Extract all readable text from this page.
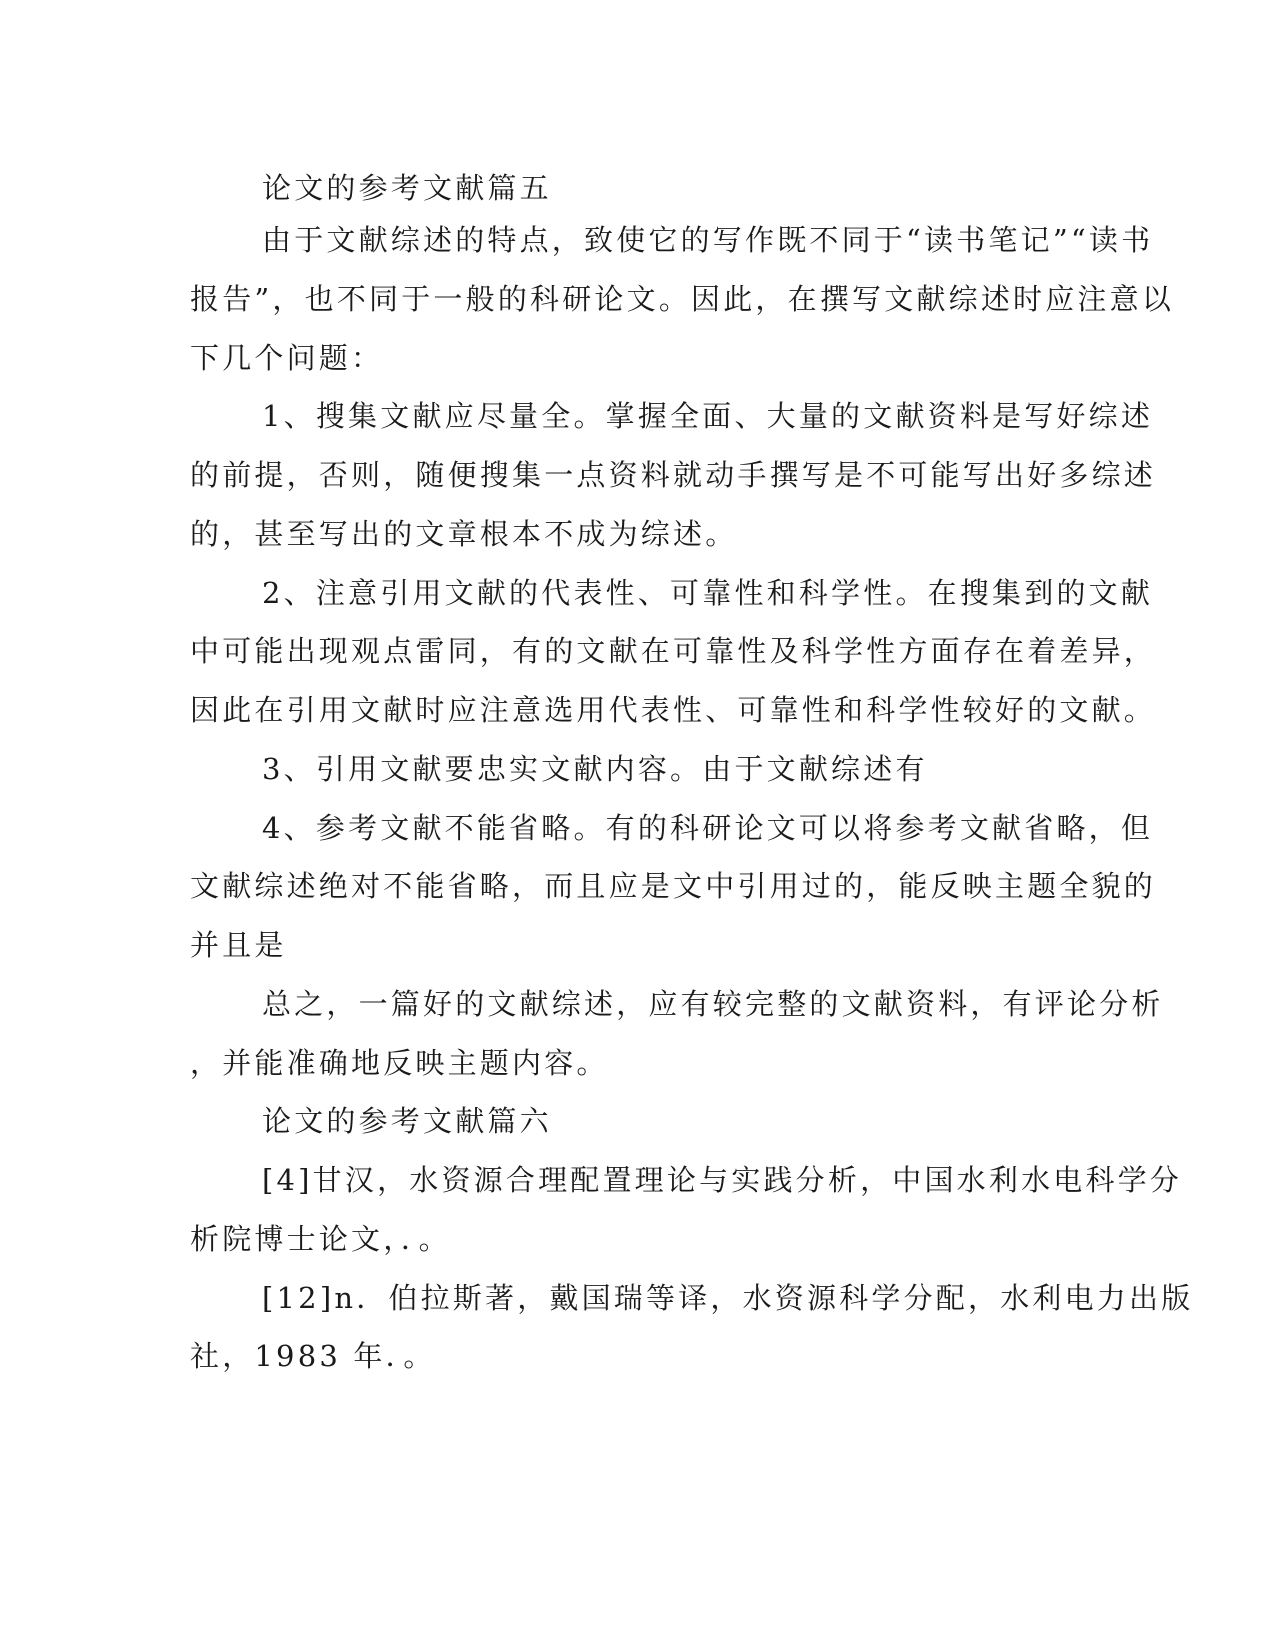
论文的参考文献篇五
由于文献综述的特点，致使它的写作既不同于“读书笔记”“读书
报告”，也不同于一般的科研论文。因此，在撰写文献综述时应注意以
下几个问题：
1、搜集文献应尽量全。掌握全面、大量的文献资料是写好综述
的前提，否则，随便搜集一点资料就动手撰写是不可能写出好多综述
的，甚至写出的文章根本不成为综述。
2、注意引用文献的代表性、可靠性和科学性。在搜集到的文献
中可能出现观点雷同，有的文献在可靠性及科学性方面存在着差异，
因此在引用文献时应注意选用代表性、可靠性和科学性较好的文献。
3、引用文献要忠实文献内容。由于文献综述有
4、参考文献不能省略。有的科研论文可以将参考文献省略，但
文献综述绝对不能省略，而且应是文中引用过的，能反映主题全貌的
并且是
总之，一篇好的文献综述，应有较完整的文献资料，有评论分析
，并能准确地反映主题内容。
论文的参考文献篇六
[4]甘汉，水资源合理配置理论与实践分析，中国水利水电科学分
析院博士论文，．。
[12]n．伯拉斯著，戴国瑞等译，水资源科学分配，水利电力出版
社，1983 年．。
